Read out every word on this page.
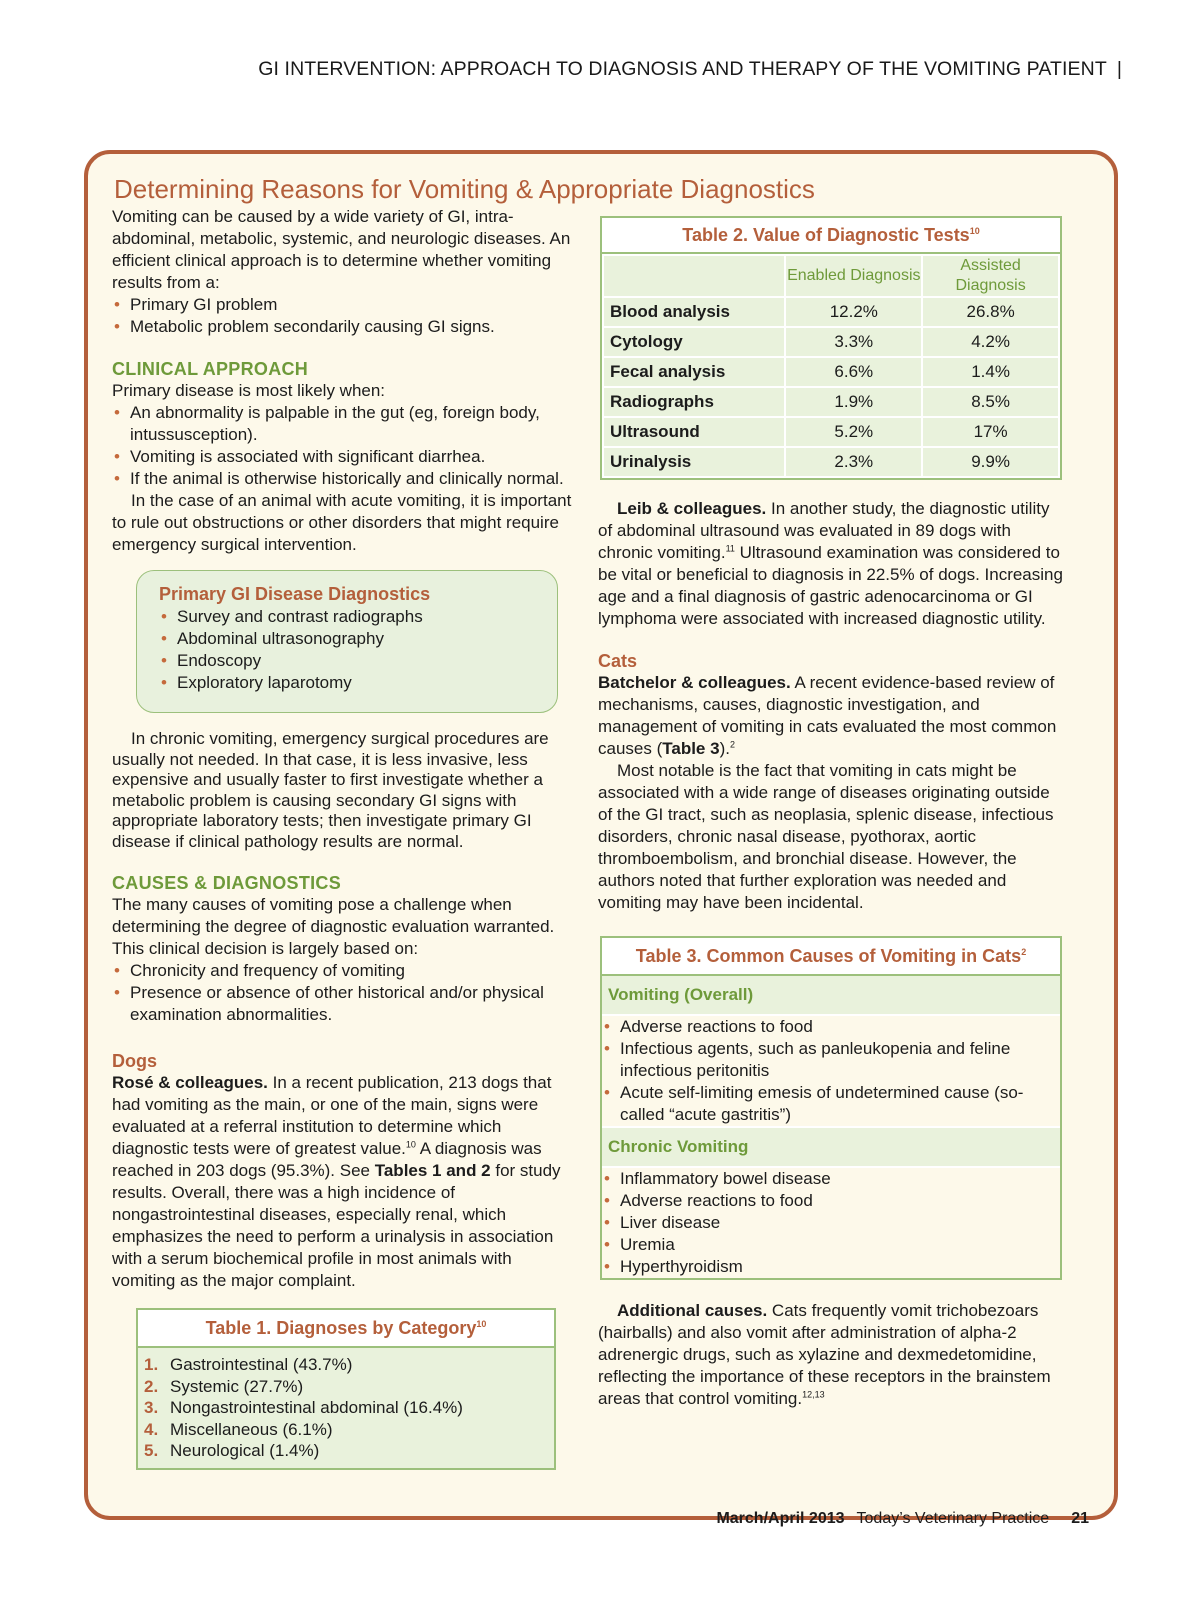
GI INTERVENTION: APPROACH TO DIAGNOSIS AND THERAPY OF THE VOMITING PATIENT |
Determining Reasons for Vomiting & Appropriate Diagnostics

Vomiting can be caused by a wide variety of GI, intra-abdominal, metabolic, systemic, and neurologic diseases. An efficient clinical approach is to determine whether vomiting results from a:

• Primary GI problem
• Metabolic problem secondarily causing GI signs.
CLINICAL APPROACH

Primary disease is most likely when:

• An abnormality is palpable in the gut (eg, foreign body, intussusception).
• Vomiting is associated with significant diarrhea.
• If the animal is otherwise historically and clinically normal.

In the case of an animal with acute vomiting, it is important to rule out obstructions or other disorders that might require emergency surgical intervention.

Primary GI Disease Diagnostics
• Survey and contrast radiographs
• Abdominal ultrasonography
• Endoscopy
• Exploratory laparotomy

In chronic vomiting, emergency surgical procedures are usually not needed. In that case, it is less invasive, less expensive and usually faster to first investigate whether a metabolic problem is causing secondary GI signs with appropriate laboratory tests; then investigate primary GI disease if clinical pathology results are normal.

CAUSES & DIAGNOSTICS

The many causes of vomiting pose a challenge when determining the degree of diagnostic evaluation warranted. This clinical decision is largely based on:

• Chronicity and frequency of vomiting
• Presence or absence of other historical and/or physical examination abnormalities.
Dogs

Rosé & colleagues. In a recent publication, 213 dogs that had vomiting as the main, or one of the main, signs were evaluated at a referral institution to determine which diagnostic tests were of greatest value.$^{10}$ A diagnosis was reached in 203 dogs (95.3%). See Tables 1 and 2 for study results. Overall, there was a high incidence of nongastrointestinal diseases, especially renal, which emphasizes the need to perform a urinalysis in association with a serum biochemical profile in most animals with vomiting as the major complaint.

Table 1. Diagnoses by Category$^{10}$
1. Gastrointestinal (43.7%)
2. Systemic (27.7%)
3. Nongastrointestinal abdominal (16.4%)
4. Miscellaneous (6.1%)
5. Neurological (1.4%)
Table 2. Value of Diagnostic Tests$^{10}$
	Enabled Diagnosis	Assisted Diagnosis
Blood analysis	12.2%	26.8%
Cytology	3.3%	4.2%
Fecal analysis	6.6%	1.4%
Radiographs	1.9%	8.5%
Ultrasound	5.2%	17%
Urinalysis	2.3%	9.9%

Leib & colleagues. In another study, the diagnostic utility of abdominal ultrasound was evaluated in 89 dogs with chronic vomiting.$^{11}$ Ultrasound examination was considered to be vital or beneficial to diagnosis in 22.5% of dogs. Increasing age and a final diagnosis of gastric adenocarcinoma or GI lymphoma were associated with increased diagnostic utility.

Cats

Batchelor & colleagues. A recent evidence-based review of mechanisms, causes, diagnostic investigation, and management of vomiting in cats evaluated the most common causes (Table 3).$^2$

Most notable is the fact that vomiting in cats might be associated with a wide range of diseases originating outside of the GI tract, such as neoplasia, splenic disease, infectious disorders, chronic nasal disease, pyothorax, aortic thromboembolism, and bronchial disease. However, the authors noted that further exploration was needed and vomiting may have been incidental.

Table 3. Common Causes of Vomiting in Cats$^2$
Vomiting (Overall)
• Adverse reactions to food
• Infectious agents, such as panleukopenia and feline infectious peritonitis
• Acute self-limiting emesis of undetermined cause (so-called “acute gastritis”)
Chronic Vomiting
• Inflammatory bowel disease
• Adverse reactions to food
• Liver disease
• Uremia
• Hyperthyroidism

Additional causes. Cats frequently vomit trichobezoars (hairballs) and also vomit after administration of alpha-2 adrenergic drugs, such as xylazine and dexmedetomidine, reflecting the importance of these receptors in the brainstem areas that control vomiting.$^{12,13}$

March/April 2013 Today’s Veterinary Practice 21
